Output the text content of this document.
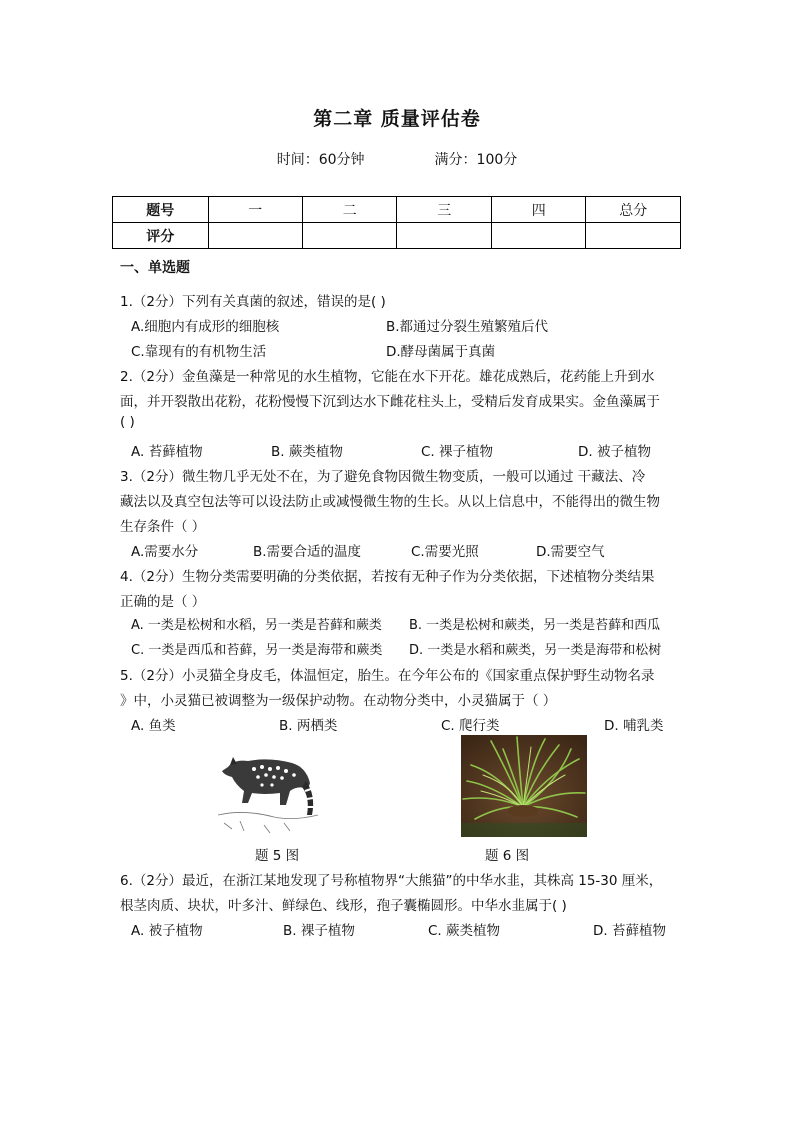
第二章 质量评估卷
时间：60分钟	满分：100分
题号	一	二	三	四	总分
评分					
一、单选题
1.（2分）下列有关真菌的叙述，错误的是( )
A.细胞内有成形的细胞核	B.都通过分裂生殖繁殖后代
C.靠现有的有机物生活	D.酵母菌属于真菌
2.（2分）金鱼藻是一种常见的水生植物，它能在水下开花。雄花成熟后，花药能上升到水
面，并开裂散出花粉，花粉慢慢下沉到达水下雌花柱头上，受精后发育成果实。金鱼藻属于
( )
A. 苔藓植物	B. 蕨类植物	C. 裸子植物	D. 被子植物
3.（2分）微生物几乎无处不在，为了避免食物因微生物变质，一般可以通过 干藏法、冷
藏法以及真空包法等可以设法防止或减慢微生物的生长。从以上信息中，不能得出的微生物
生存条件（ ）
A.需要水分	B.需要合适的温度	C.需要光照	D.需要空气
4.（2分）生物分类需要明确的分类依据，若按有无种子作为分类依据，下述植物分类结果
正确的是（ ）
A. 一类是松树和水稻，另一类是苔藓和蕨类 B. 一类是松树和蕨类，另一类是苔藓和西瓜
C. 一类是西瓜和苔藓，另一类是海带和蕨类 D. 一类是水稻和蕨类，另一类是海带和松树
5.（2分）小灵猫全身皮毛，体温恒定，胎生。在今年公布的《国家重点保护野生动物名录
》中，小灵猫已被调整为一级保护动物。在动物分类中，小灵猫属于（ ）
A. 鱼类	B. 两栖类	C. 爬行类	D. 哺乳类
题 5 图	题 6 图
6.（2分）最近，在浙江某地发现了号称植物界“大熊猫”的中华水韭，其株高 15-30 厘米，
根茎肉质、块状，叶多汁、鲜绿色、线形，孢子囊椭圆形。中华水韭属于( )
A. 被子植物	B. 裸子植物	C. 蕨类植物	D. 苔藓植物
